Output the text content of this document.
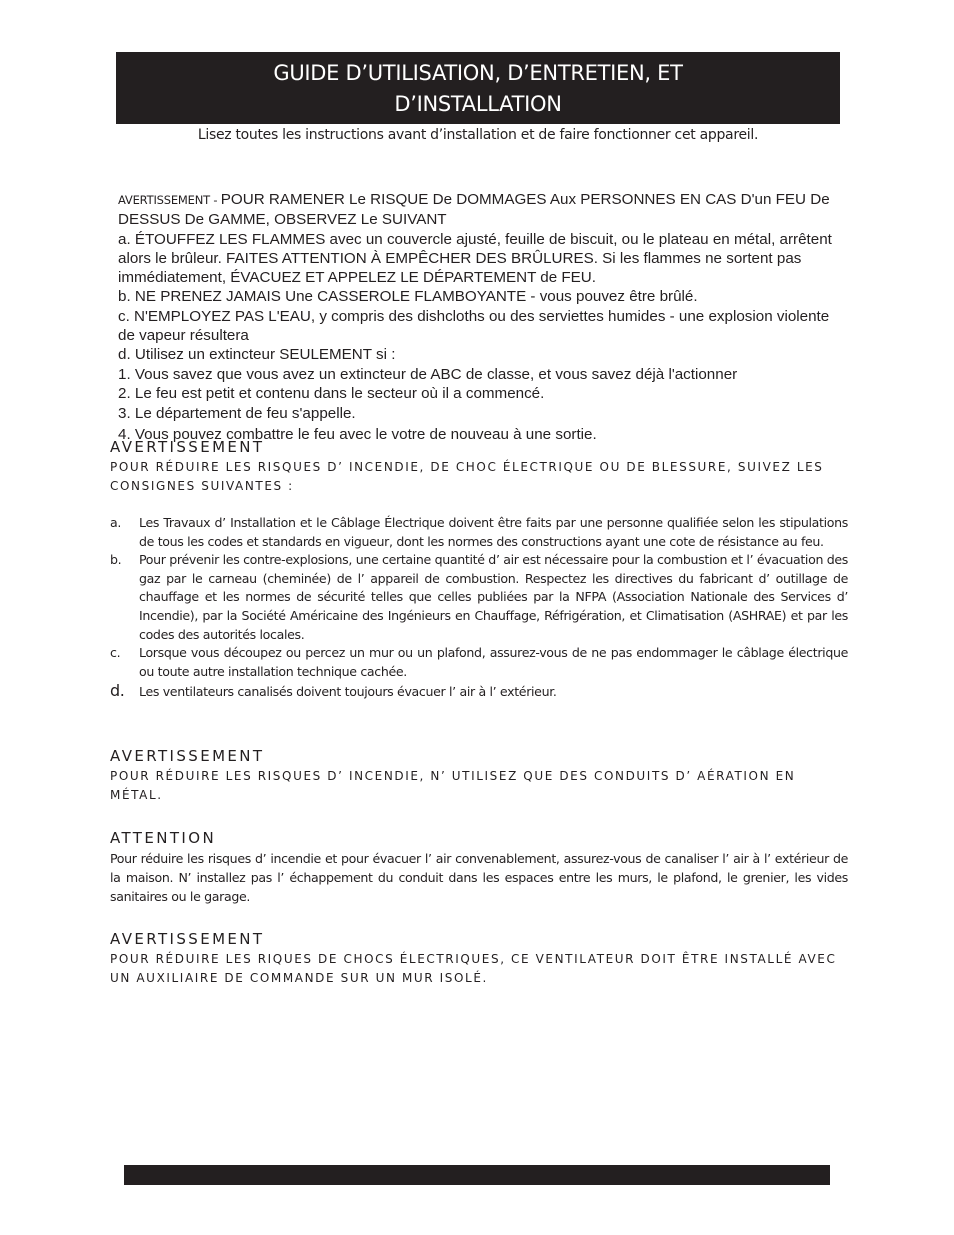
GUIDE D’UTILISATION, D’ENTRETIEN, ET
D’INSTALLATION
Lisez toutes les instructions avant d’installation et de faire fonctionner cet appareil.
AVERTISSEMENT - POUR RAMENER Le RISQUE De DOMMAGES Aux PERSONNES EN CAS D'un FEU De DESSUS De GAMME, OBSERVEZ Le SUIVANT
a. ÉTOUFFEZ LES FLAMMES avec un couvercle ajusté, feuille de biscuit, ou le plateau en métal, arrêtent alors le brûleur. FAITES ATTENTION À EMPÊCHER DES BRÛLURES. Si les flammes ne sortent pas immédiatement, ÉVACUEZ ET APPELEZ LE DÉPARTEMENT de FEU.
b. NE PRENEZ JAMAIS Une CASSEROLE FLAMBOYANTE - vous pouvez être brûlé.
c. N'EMPLOYEZ PAS L'EAU, y compris des dishcloths ou des serviettes humides - une explosion violente de vapeur résultera
d. Utilisez un extincteur SEULEMENT si :
1. Vous savez que vous avez un extincteur de ABC de classe, et vous savez déjà l'actionner
2. Le feu est petit et contenu dans le secteur où il a commencé.
3. Le département de feu s'appelle.
4. Vous pouvez combattre le feu avec le votre de nouveau à une sortie.
AVERTISSEMENT
POUR RÉDUIRE LES RISQUES D’ INCENDIE, DE CHOC ÉLECTRIQUE OU DE BLESSURE, SUIVEZ LES CONSIGNES SUIVANTES :
a.	Les Travaux d’ Installation et le Câblage Électrique doivent être faits par une personne qualifiée selon les stipulations de tous les codes et standards en vigueur, dont les normes des constructions ayant une cote de résistance au feu.
b.	Pour prévenir les contre-explosions, une certaine quantité d’ air est nécessaire pour la combustion et l’ évacuation des gaz par le carneau (cheminée) de l’ appareil de combustion. Respectez les directives du fabricant d’ outillage de chauffage et les normes de sécurité telles que celles publiées par la NFPA (Association Nationale des Services d’ Incendie), par la Société Américaine des Ingénieurs en Chauffage, Réfrigération, et Climatisation (ASHRAE) et par les codes des autorités locales.
c.	Lorsque vous découpez ou percez un mur ou un plafond, assurez-vous de ne pas endommager le câblage électrique ou toute autre installation technique cachée.
d.	Les ventilateurs canalisés doivent toujours évacuer l’ air à l’ extérieur.
AVERTISSEMENT
POUR RÉDUIRE LES RISQUES D’ INCENDIE, N’ UTILISEZ QUE DES CONDUITS D’ AÉRATION EN MÉTAL.
ATTENTION
Pour réduire les risques d’ incendie et pour évacuer l’ air convenablement, assurez-vous de canaliser l’ air à l’ extérieur de la maison. N’ installez pas l’ échappement du conduit dans les espaces entre les murs, le plafond, le grenier, les vides sanitaires ou le garage.
AVERTISSEMENT
POUR RÉDUIRE LES RIQUES DE CHOCS ÉLECTRIQUES, CE VENTILATEUR DOIT ÊTRE INSTALLÉ AVEC UN AUXILIAIRE DE COMMANDE SUR UN MUR ISOLÉ.
